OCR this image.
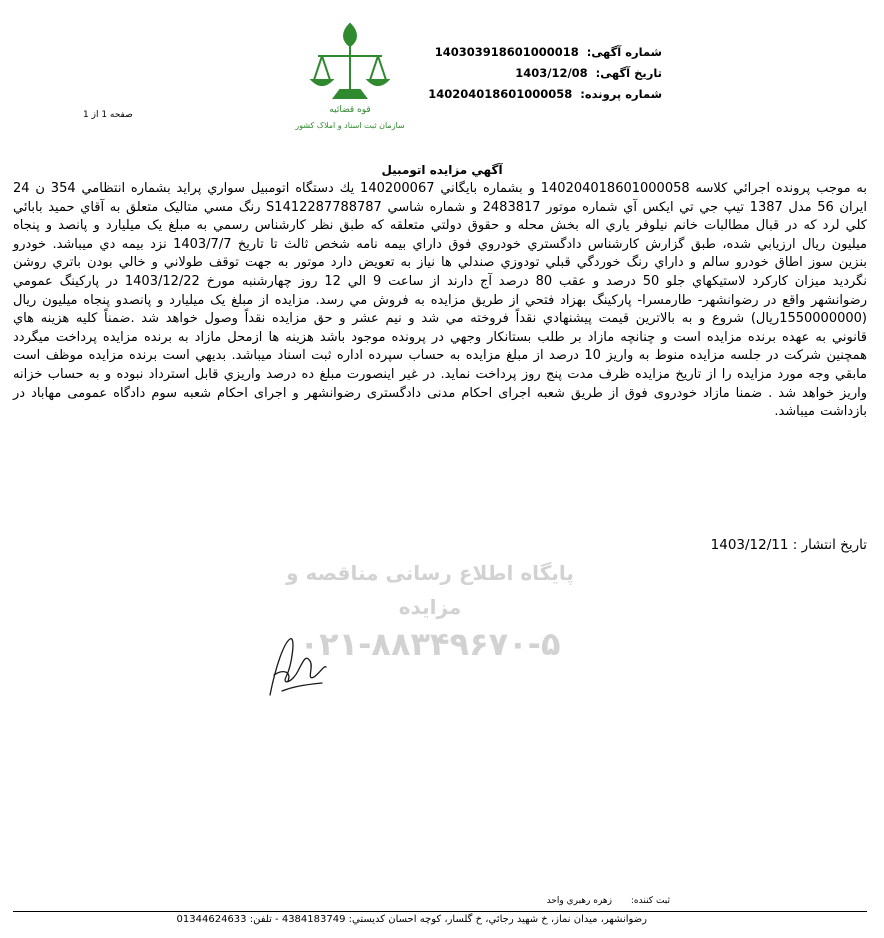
شماره آگهی: 140303918601000018
تاریخ آگهی: 1403/12/08
شماره پرونده: 140204018601000058
صفحه 1 از 1	قوه قضائیه
سازمان ثبت اسناد و املاک کشور
آگهي مزايده اتومبيل
به موجب پرونده اجرائي كلاسه 140204018601000058 و بشماره بايگاني 140200067 يك دستگاه اتومبيل سواري پرايد بشماره انتظامي 354 ن 24 ايران 56 مدل 1387 تيپ جي تي ايكس آي شماره موتور 2483817 و شماره شاسي S1412287788787 رنگ مسي متاليک متعلق به آقاي حميد بابائي كلي لرد كه در قبال مطالبات خانم نيلوفر ياري اله بخش محله و حقوق دولتي متعلقه كه طبق نظر كارشناس رسمي به مبلغ يک ميليارد و پانصد و پنجاه ميليون ريال ارزيابي شده، طبق گزارش كارشناس دادگستري خودروي فوق داراي بيمه نامه شخص ثالث تا تاريخ 1403/7/7 نزد بيمه دي ميباشد. خودرو بنزين سوز اطاق خودرو سالم و داراي رنگ خوردگي قبلي تودوزي صندلي ها نياز به تعويض دارد موتور به جهت توقف طولاني و خالي بودن باتري روشن نگرديد ميزان كاركرد لاستيكهاي جلو 50 درصد و عقب 80 درصد آج دارند از ساعت 9 الي 12 روز چهارشنبه مورخ 1403/12/22 در پاركينگ عمومي رضوانشهر واقع در رضوانشهر- طارمسرا- پاركينگ بهزاد فتحي از طريق مزايده به فروش مي رسد. مزايده از مبلغ يک ميليارد و پانصدو پنجاه ميليون ريال (1550000000ريال) شروع و به بالاترين قيمت پيشنهادي نقداً فروخته مي شد و نيم عشر و حق مزايده نقداً وصول خواهد شد .ضمناً كليه هزينه هاي قانوني به عهده برنده مزايده است و چنانچه مازاد بر طلب بستانكار وجهي در پرونده موجود باشد هزينه ها ازمحل مازاد به برنده مزايده پرداخت ميگردد همچنين شركت در جلسه مزايده منوط به واريز 10 درصد از مبلغ مزايده به حساب سپرده اداره ثبت اسناد ميباشد. بديهي است برنده مزايده موظف است مابقي وجه مورد مزايده را از تاريخ مزايده ظرف مدت پنج روز پرداخت نمايد. در غير اينصورت مبلغ ده درصد واريزي قابل استرداد نبوده و به حساب خزانه واريز خواهد شد . ضمنا مازاد خودروی فوق از طريق شعبه اجرای احکام مدنی دادگستری رضوانشهر و اجرای احکام شعبه سوم دادگاه عمومی مهاباد در بازداشت ميباشد.
تاريخ انتشار : 1403/12/11
پایگاه اطلاع رسانی مناقصه و مزایده
۰۲۱-۸۸۳۴۹۶۷۰-۵
ثبت كننده: زهره رهبري واحد
رضوانشهر، ميدان نماز، خ شهيد رجائي، خ گلسار، كوچه احسان كديستي: 4384183749 - تلفن: 01344624633
